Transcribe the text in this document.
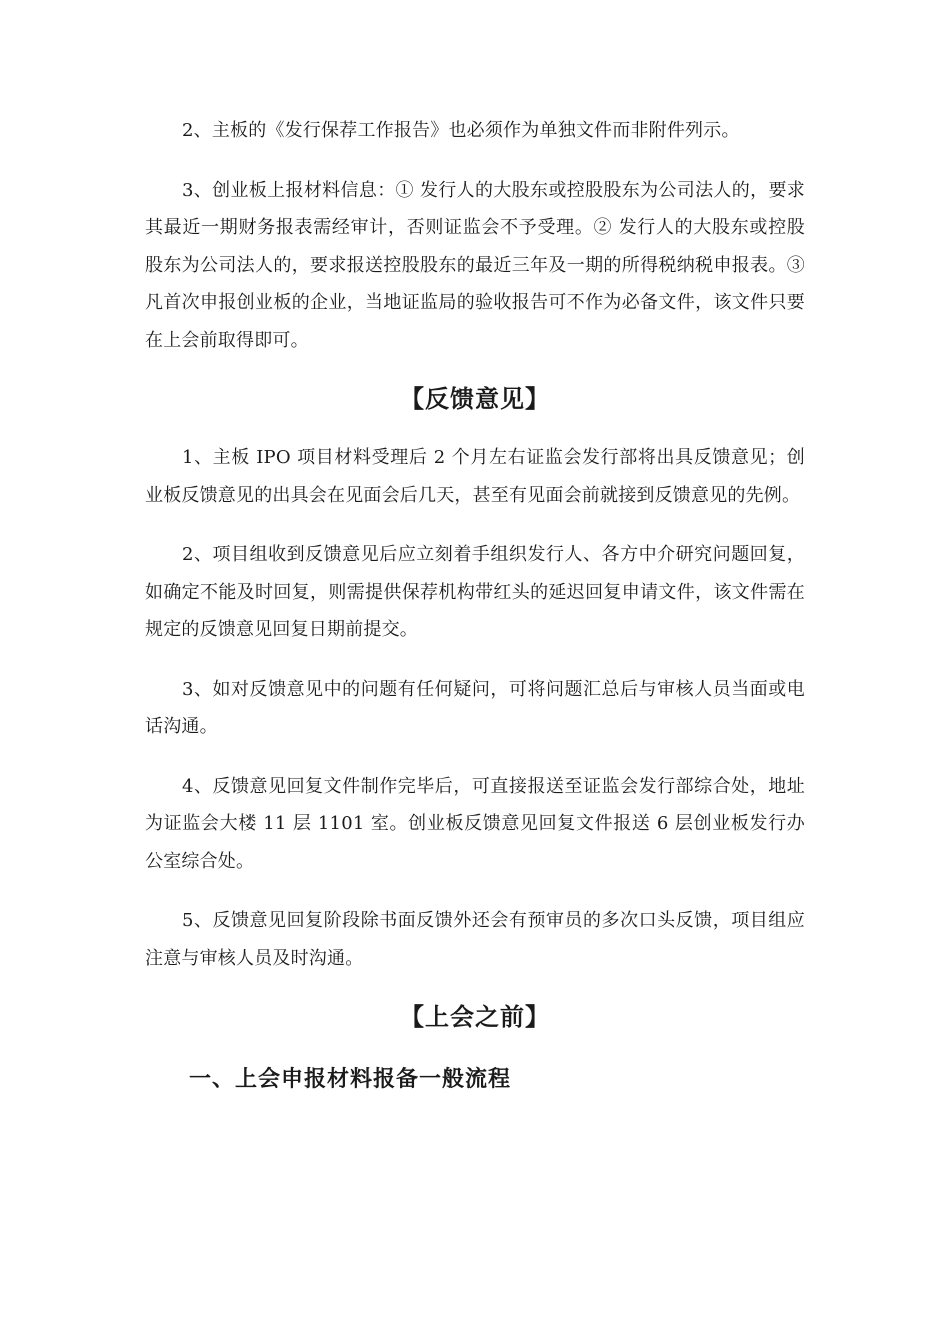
2、主板的《发行保荐工作报告》也必须作为单独文件而非附件列示。

3、创业板上报材料信息：① 发行人的大股东或控股股东为公司法人的，要求其最近一期财务报表需经审计，否则证监会不予受理。② 发行人的大股东或控股股东为公司法人的，要求报送控股股东的最近三年及一期的所得税纳税申报表。③ 凡首次申报创业板的企业，当地证监局的验收报告可不作为必备文件，该文件只要在上会前取得即可。

【反馈意见】

1、主板 IPO 项目材料受理后 2 个月左右证监会发行部将出具反馈意见；创业板反馈意见的出具会在见面会后几天，甚至有见面会前就接到反馈意见的先例。

2、项目组收到反馈意见后应立刻着手组织发行人、各方中介研究问题回复，如确定不能及时回复，则需提供保荐机构带红头的延迟回复申请文件，该文件需在规定的反馈意见回复日期前提交。

3、如对反馈意见中的问题有任何疑问，可将问题汇总后与审核人员当面或电话沟通。

4、反馈意见回复文件制作完毕后，可直接报送至证监会发行部综合处，地址为证监会大楼 11 层 1101 室。创业板反馈意见回复文件报送 6 层创业板发行办公室综合处。

5、反馈意见回复阶段除书面反馈外还会有预审员的多次口头反馈，项目组应注意与审核人员及时沟通。

【上会之前】
一、上会申报材料报备一般流程
